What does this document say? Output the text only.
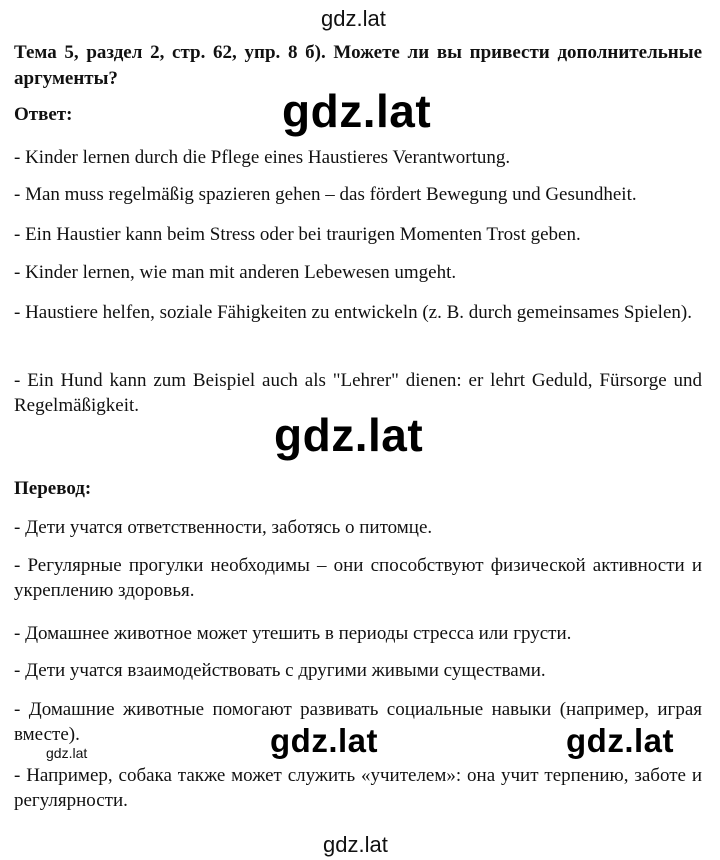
gdz.lat
Тема 5, раздел 2, стр. 62, упр. 8 б). Можете ли вы привести дополнительные аргументы?
Ответ:	gdz.lat
- Kinder lernen durch die Pflege eines Haustieres Verantwortung.
- Man muss regelmäßig spazieren gehen – das fördert Bewegung und Gesundheit.
- Ein Haustier kann beim Stress oder bei traurigen Momenten Trost geben.
- Kinder lernen, wie man mit anderen Lebewesen umgeht.
- Haustiere helfen, soziale Fähigkeiten zu entwickeln (z. B. durch gemeinsames Spielen).
- Ein Hund kann zum Beispiel auch als "Lehrer" dienen: er lehrt Geduld, Fürsorge und Regelmäßigkeit.
gdz.lat
Перевод:
- Дети учатся ответственности, заботясь о питомце.
- Регулярные прогулки необходимы – они способствуют физической активности и укреплению здоровья.
- Домашнее животное может утешить в периоды стресса или грусти.
- Дети учатся взаимодействовать с другими живыми существами.
- Домашние животные помогают развивать социальные навыки (например, играя вместе).
gdz.lat	gdz.lat	gdz.lat
- Например, собака также может служить «учителем»: она учит терпению, заботе и регулярности.
gdz.lat
